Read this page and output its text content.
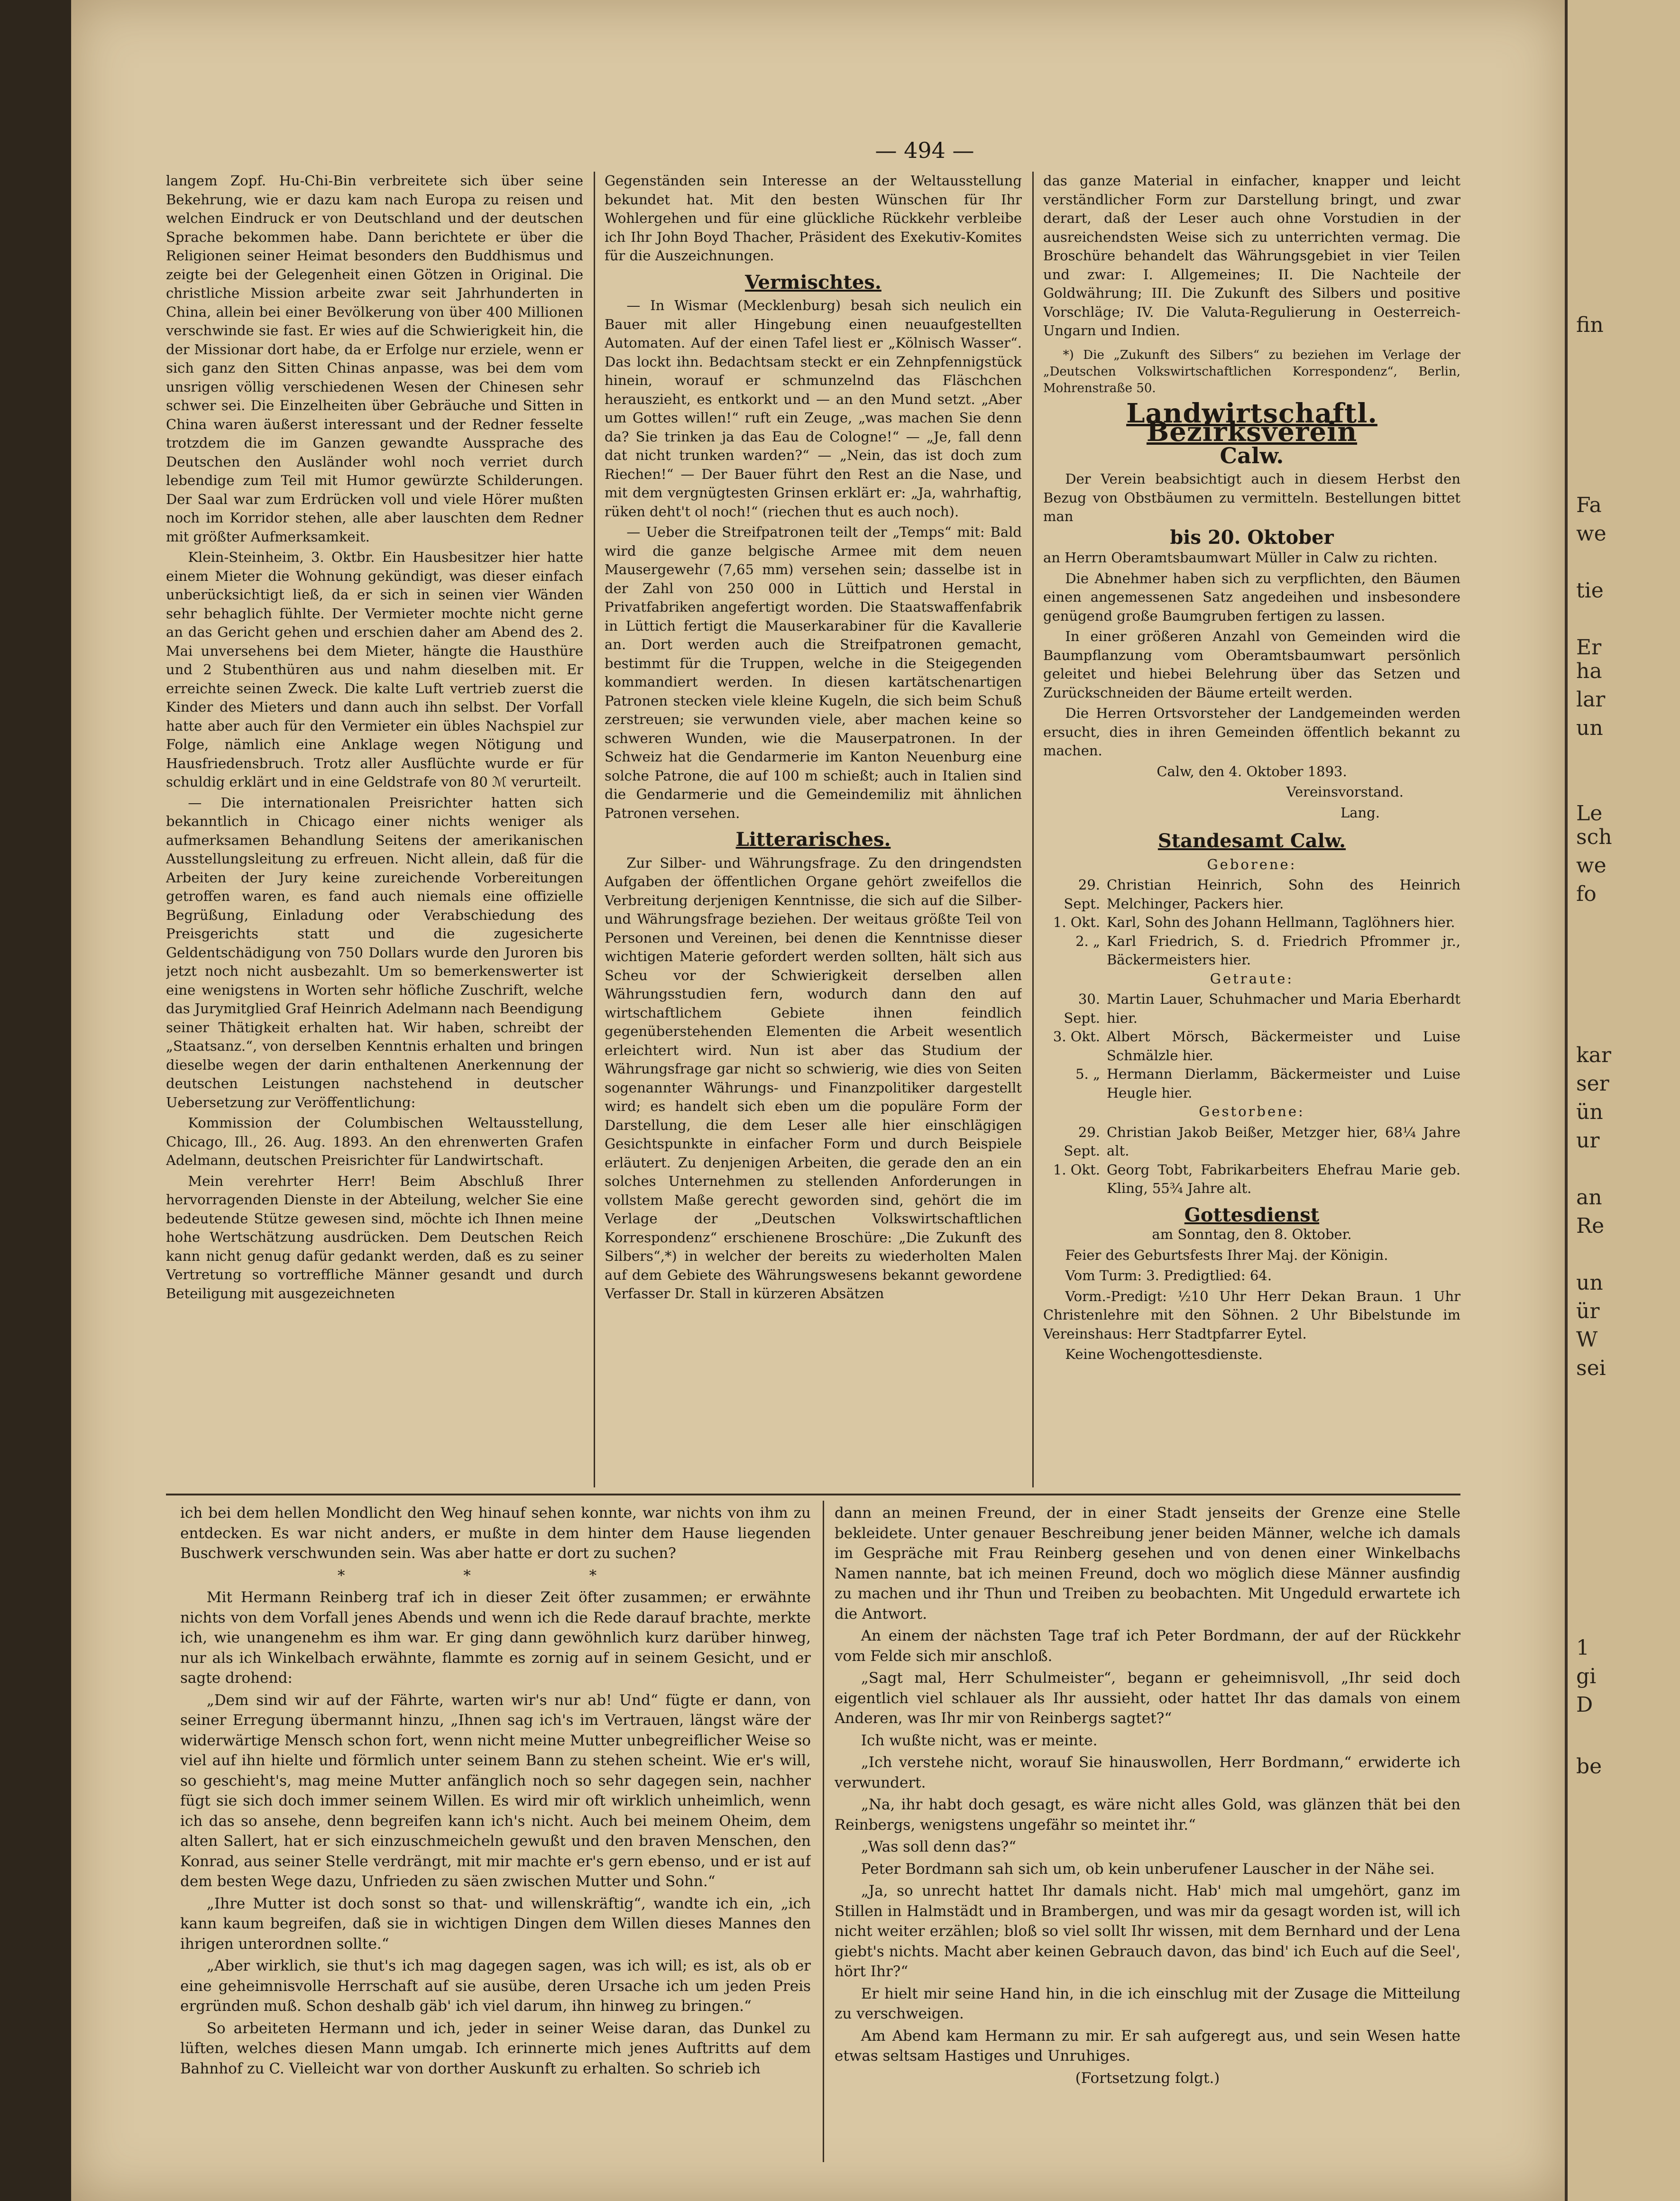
— 494 —

langem Zopf. Hu-Chi-Bin verbreitete sich über seine Bekehrung, wie er dazu kam nach Europa zu reisen und welchen Eindruck er von Deutschland und der deutschen Sprache bekommen habe. Dann berichtete er über die Religionen seiner Heimat besonders den Buddhismus und zeigte bei der Gelegenheit einen Götzen in Original. Die christliche Mission arbeite zwar seit Jahrhunderten in China, allein bei einer Bevölkerung von über 400 Millionen verschwinde sie fast. Er wies auf die Schwierigkeit hin, die der Missionar dort habe, da er Erfolge nur erziele, wenn er sich ganz den Sitten Chinas anpasse, was bei dem vom unsrigen völlig verschiedenen Wesen der Chinesen sehr schwer sei. Die Einzelheiten über Gebräuche und Sitten in China waren äußerst interessant und der Redner fesselte trotzdem die im Ganzen gewandte Aussprache des Deutschen den Ausländer wohl noch verriet durch lebendige zum Teil mit Humor gewürzte Schilderungen. Der Saal war zum Erdrücken voll und viele Hörer mußten noch im Korridor stehen, alle aber lauschten dem Redner mit größter Aufmerksamkeit.

Klein-Steinheim, 3. Oktbr. Ein Hausbesitzer hier hatte einem Mieter die Wohnung gekündigt, was dieser einfach unberücksichtigt ließ, da er sich in seinen vier Wänden sehr behaglich fühlte. Der Vermieter mochte nicht gerne an das Gericht gehen und erschien daher am Abend des 2. Mai unversehens bei dem Mieter, hängte die Hausthüre und 2 Stubenthüren aus und nahm dieselben mit. Er erreichte seinen Zweck. Die kalte Luft vertrieb zuerst die Kinder des Mieters und dann auch ihn selbst. Der Vorfall hatte aber auch für den Vermieter ein übles Nachspiel zur Folge, nämlich eine Anklage wegen Nötigung und Hausfriedensbruch. Trotz aller Ausflüchte wurde er für schuldig erklärt und in eine Geldstrafe von 80 ℳ verurteilt.

— Die internationalen Preisrichter hatten sich bekanntlich in Chicago einer nichts weniger als aufmerksamen Behandlung Seitens der amerikanischen Ausstellungsleitung zu erfreuen. Nicht allein, daß für die Arbeiten der Jury keine zureichende Vorbereitungen getroffen waren, es fand auch niemals eine offizielle Begrüßung, Einladung oder Verabschiedung des Preisgerichts statt und die zugesicherte Geldentschädigung von 750 Dollars wurde den Juroren bis jetzt noch nicht ausbezahlt. Um so bemerkenswerter ist eine wenigstens in Worten sehr höfliche Zuschrift, welche das Jurymitglied Graf Heinrich Adelmann nach Beendigung seiner Thätigkeit erhalten hat. Wir haben, schreibt der „Staatsanz.“, von derselben Kenntnis erhalten und bringen dieselbe wegen der darin enthaltenen Anerkennung der deutschen Leistungen nachstehend in deutscher Uebersetzung zur Veröffentlichung:

Kommission der Columbischen Weltausstellung, Chicago, Ill., 26. Aug. 1893. An den ehrenwerten Grafen Adelmann, deutschen Preisrichter für Landwirtschaft.

Mein verehrter Herr! Beim Abschluß Ihrer hervorragenden Dienste in der Abteilung, welcher Sie eine bedeutende Stütze gewesen sind, möchte ich Ihnen meine hohe Wertschätzung ausdrücken. Dem Deutschen Reich kann nicht genug dafür gedankt werden, daß es zu seiner Vertretung so vortreffliche Männer gesandt und durch Beteiligung mit ausgezeichneten

Gegenständen sein Interesse an der Weltausstellung bekundet hat. Mit den besten Wünschen für Ihr Wohlergehen und für eine glückliche Rückkehr verbleibe ich Ihr John Boyd Thacher, Präsident des Exekutiv-Komites für die Auszeichnungen.

Vermischtes.

— In Wismar (Mecklenburg) besah sich neulich ein Bauer mit aller Hingebung einen neuaufgestellten Automaten. Auf der einen Tafel liest er „Kölnisch Wasser“. Das lockt ihn. Bedachtsam steckt er ein Zehnpfennigstück hinein, worauf er schmunzelnd das Fläschchen herauszieht, es entkorkt und — an den Mund setzt. „Aber um Gottes willen!“ ruft ein Zeuge, „was machen Sie denn da? Sie trinken ja das Eau de Cologne!“ — „Je, fall denn dat nicht trunken warden?“ — „Nein, das ist doch zum Riechen!“ — Der Bauer führt den Rest an die Nase, und mit dem vergnügtesten Grinsen erklärt er: „Ja, wahrhaftig, rüken deht't ol noch!“ (riechen thut es auch noch).

— Ueber die Streifpatronen teilt der „Temps“ mit: Bald wird die ganze belgische Armee mit dem neuen Mausergewehr (7,65 mm) versehen sein; dasselbe ist in der Zahl von 250 000 in Lüttich und Herstal in Privatfabriken angefertigt worden. Die Staatswaffenfabrik in Lüttich fertigt die Mauserkarabiner für die Kavallerie an. Dort werden auch die Streifpatronen gemacht, bestimmt für die Truppen, welche in die Steigegenden kommandiert werden. In diesen kartätschenartigen Patronen stecken viele kleine Kugeln, die sich beim Schuß zerstreuen; sie verwunden viele, aber machen keine so schweren Wunden, wie die Mauserpatronen. In der Schweiz hat die Gendarmerie im Kanton Neuenburg eine solche Patrone, die auf 100 m schießt; auch in Italien sind die Gendarmerie und die Gemeindemiliz mit ähnlichen Patronen versehen.

Litterarisches.

Zur Silber- und Währungsfrage. Zu den dringendsten Aufgaben der öffentlichen Organe gehört zweifellos die Verbreitung derjenigen Kenntnisse, die sich auf die Silber- und Währungsfrage beziehen. Der weitaus größte Teil von Personen und Vereinen, bei denen die Kenntnisse dieser wichtigen Materie gefordert werden sollten, hält sich aus Scheu vor der Schwierigkeit derselben allen Währungsstudien fern, wodurch dann den auf wirtschaftlichem Gebiete ihnen feindlich gegenüberstehenden Elementen die Arbeit wesentlich erleichtert wird. Nun ist aber das Studium der Währungsfrage gar nicht so schwierig, wie dies von Seiten sogenannter Währungs- und Finanzpolitiker dargestellt wird; es handelt sich eben um die populäre Form der Darstellung, die dem Leser alle hier einschlägigen Gesichtspunkte in einfacher Form und durch Beispiele erläutert. Zu denjenigen Arbeiten, die gerade den an ein solches Unternehmen zu stellenden Anforderungen in vollstem Maße gerecht geworden sind, gehört die im Verlage der „Deutschen Volkswirtschaftlichen Korrespondenz“ erschienene Broschüre: „Die Zukunft des Silbers“,*) in welcher der bereits zu wiederholten Malen auf dem Gebiete des Währungswesens bekannt gewordene Verfasser Dr. Stall in kürzeren Absätzen

das ganze Material in einfacher, knapper und leicht verständlicher Form zur Darstellung bringt, und zwar derart, daß der Leser auch ohne Vorstudien in der ausreichendsten Weise sich zu unterrichten vermag. Die Broschüre behandelt das Währungsgebiet in vier Teilen und zwar: I. Allgemeines; II. Die Nachteile der Goldwährung; III. Die Zukunft des Silbers und positive Vorschläge; IV. Die Valuta-Regulierung in Oesterreich-Ungarn und Indien.

*) Die „Zukunft des Silbers“ zu beziehen im Verlage der „Deutschen Volkswirtschaftlichen Korrespondenz“, Berlin, Mohrenstraße 50.

Landwirtschaftl. Bezirksverein
Calw.

Der Verein beabsichtigt auch in diesem Herbst den Bezug von Obstbäumen zu vermitteln. Bestellungen bittet man

bis 20. Oktober

an Herrn Oberamtsbaumwart Müller in Calw zu richten.

Die Abnehmer haben sich zu verpflichten, den Bäumen einen angemessenen Satz angedeihen und insbesondere genügend große Baumgruben fertigen zu lassen.

In einer größeren Anzahl von Gemeinden wird die Baumpflanzung vom Oberamtsbaumwart persönlich geleitet und hiebei Belehrung über das Setzen und Zurückschneiden der Bäume erteilt werden.

Die Herren Ortsvorsteher der Landgemeinden werden ersucht, dies in ihren Gemeinden öffentlich bekannt zu machen.

Calw, den 4. Oktober 1893.

Vereinsvorstand.

Lang.

Standesamt Calw.

Geborene:

29. Sept.
Christian Heinrich, Sohn des Heinrich Melchinger, Packers hier.
1. Okt. Karl, Sohn des Johann Hellmann, Taglöhners hier.
2. „ Karl Friedrich, S. d. Friedrich Pfrommer jr., Bäckermeisters hier.

Getraute:

30. Sept.
Martin Lauer, Schuhmacher und Maria Eberhardt hier.
3. Okt. Albert Mörsch, Bäckermeister und Luise Schmälzle hier.
5. „ Hermann Dierlamm, Bäckermeister und Luise Heugle hier.

Gestorbene:

29. Sept.
Christian Jakob Beißer, Metzger hier, 68¼ Jahre alt.
1. Okt. Georg Tobt, Fabrikarbeiters Ehefrau Marie geb. Kling, 55¾ Jahre alt.
Gottesdienst

am Sonntag, den 8. Oktober.

Feier des Geburtsfests Ihrer Maj. der Königin.

Vom Turm: 3. Predigtlied: 64.

Vorm.-Predigt: ½10 Uhr Herr Dekan Braun. 1 Uhr Christenlehre mit den Söhnen. 2 Uhr Bibelstunde im Vereinshaus: Herr Stadtpfarrer Eytel.

Keine Wochengottesdienste.

ich bei dem hellen Mondlicht den Weg hinauf sehen konnte, war nichts von ihm zu entdecken. Es war nicht anders, er mußte in dem hinter dem Hause liegenden Buschwerk verschwunden sein. Was aber hatte er dort zu suchen?

* * *

Mit Hermann Reinberg traf ich in dieser Zeit öfter zusammen; er erwähnte nichts von dem Vorfall jenes Abends und wenn ich die Rede darauf brachte, merkte ich, wie unangenehm es ihm war. Er ging dann gewöhnlich kurz darüber hinweg, nur als ich Winkelbach erwähnte, flammte es zornig auf in seinem Gesicht, und er sagte drohend:

„Dem sind wir auf der Fährte, warten wir's nur ab! Und“ fügte er dann, von seiner Erregung übermannt hinzu, „Ihnen sag ich's im Vertrauen, längst wäre der widerwärtige Mensch schon fort, wenn nicht meine Mutter unbegreiflicher Weise so viel auf ihn hielte und förmlich unter seinem Bann zu stehen scheint. Wie er's will, so geschieht's, mag meine Mutter anfänglich noch so sehr dagegen sein, nachher fügt sie sich doch immer seinem Willen. Es wird mir oft wirklich unheimlich, wenn ich das so ansehe, denn begreifen kann ich's nicht. Auch bei meinem Oheim, dem alten Sallert, hat er sich einzuschmeicheln gewußt und den braven Menschen, den Konrad, aus seiner Stelle verdrängt, mit mir machte er's gern ebenso, und er ist auf dem besten Wege dazu, Unfrieden zu säen zwischen Mutter und Sohn.“

„Ihre Mutter ist doch sonst so that- und willenskräftig“, wandte ich ein, „ich kann kaum begreifen, daß sie in wichtigen Dingen dem Willen dieses Mannes den ihrigen unterordnen sollte.“

„Aber wirklich, sie thut's ich mag dagegen sagen, was ich will; es ist, als ob er eine geheimnisvolle Herrschaft auf sie ausübe, deren Ursache ich um jeden Preis ergründen muß. Schon deshalb gäb' ich viel darum, ihn hinweg zu bringen.“

So arbeiteten Hermann und ich, jeder in seiner Weise daran, das Dunkel zu lüften, welches diesen Mann umgab. Ich erinnerte mich jenes Auftritts auf dem Bahnhof zu C. Vielleicht war von dorther Auskunft zu erhalten. So schrieb ich

dann an meinen Freund, der in einer Stadt jenseits der Grenze eine Stelle bekleidete. Unter genauer Beschreibung jener beiden Männer, welche ich damals im Gespräche mit Frau Reinberg gesehen und von denen einer Winkelbachs Namen nannte, bat ich meinen Freund, doch wo möglich diese Männer ausfindig zu machen und ihr Thun und Treiben zu beobachten. Mit Ungeduld erwartete ich die Antwort.

An einem der nächsten Tage traf ich Peter Bordmann, der auf der Rückkehr vom Felde sich mir anschloß.

„Sagt mal, Herr Schulmeister“, begann er geheimnisvoll, „Ihr seid doch eigentlich viel schlauer als Ihr aussieht, oder hattet Ihr das damals von einem Anderen, was Ihr mir von Reinbergs sagtet?“

Ich wußte nicht, was er meinte.

„Ich verstehe nicht, worauf Sie hinauswollen, Herr Bordmann,“ erwiderte ich verwundert.

„Na, ihr habt doch gesagt, es wäre nicht alles Gold, was glänzen thät bei den Reinbergs, wenigstens ungefähr so meintet ihr.“

„Was soll denn das?“

Peter Bordmann sah sich um, ob kein unberufener Lauscher in der Nähe sei.

„Ja, so unrecht hattet Ihr damals nicht. Hab' mich mal umgehört, ganz im Stillen in Halmstädt und in Brambergen, und was mir da gesagt worden ist, will ich nicht weiter erzählen; bloß so viel sollt Ihr wissen, mit dem Bernhard und der Lena giebt's nichts. Macht aber keinen Gebrauch davon, das bind' ich Euch auf die Seel', hört Ihr?“

Er hielt mir seine Hand hin, in die ich einschlug mit der Zusage die Mitteilung zu verschweigen.

Am Abend kam Hermann zu mir. Er sah aufgeregt aus, und sein Wesen hatte etwas seltsam Hastiges und Unruhiges.

(Fortsetzung folgt.)

fin
Fa
we
tie
Er
ha
lar
un
Le
sch
we
fo
kar
ser
ün
ur
an
Re
un
ür
W
sei
1
gi
D
be
